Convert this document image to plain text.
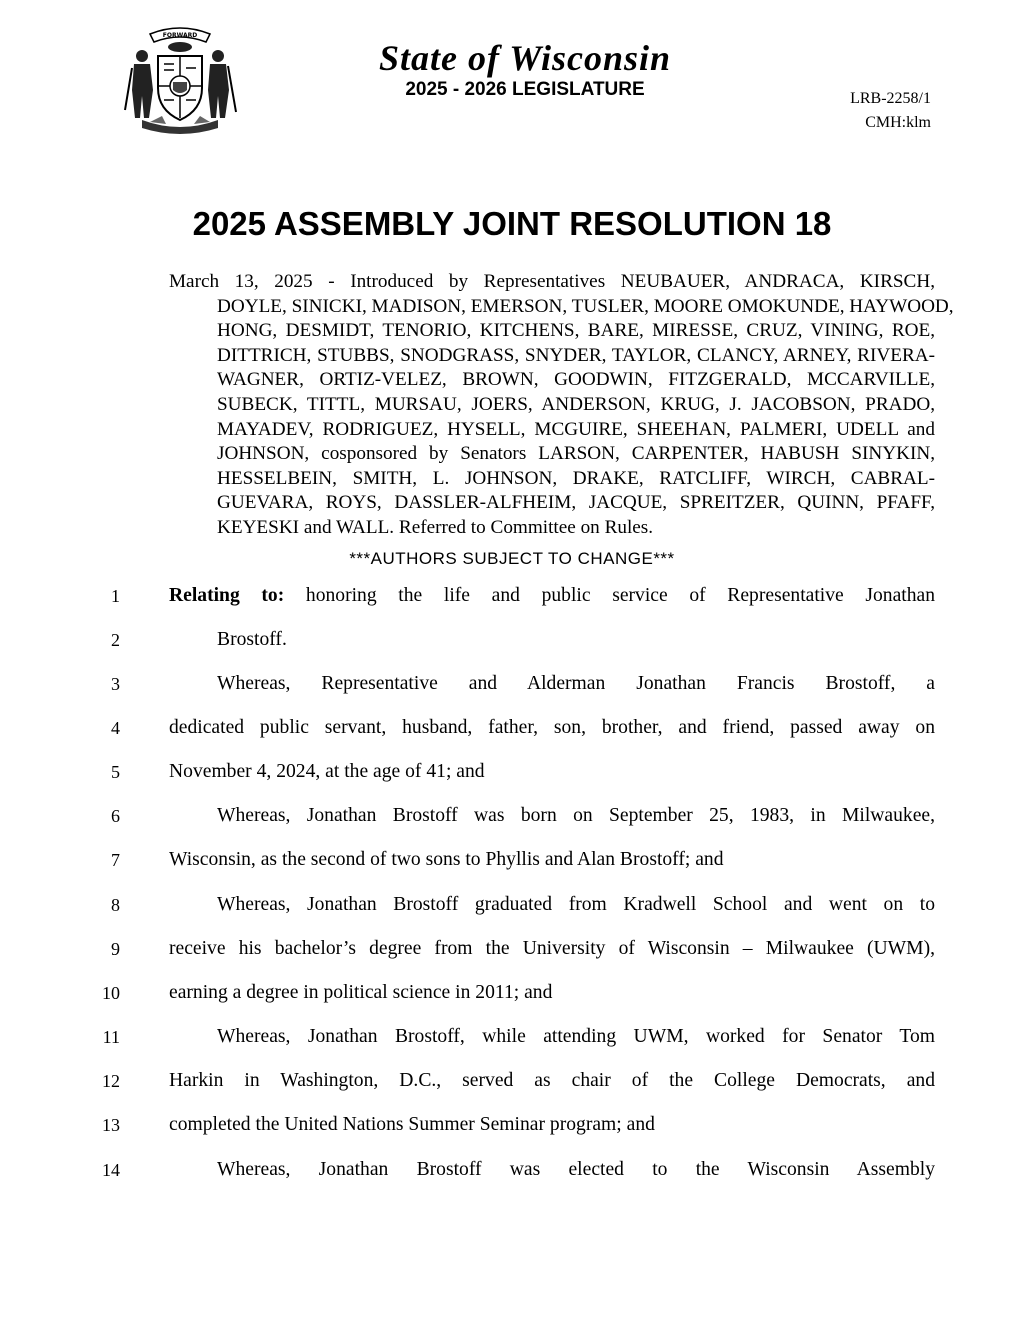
FORWARD
State of Wisconsin
2025 - 2026 LEGISLATURE	LRB-2258/1
CMH:klm
2025 ASSEMBLY JOINT RESOLUTION 18
March 13, 2025 - Introduced by Representatives NEUBAUER, ANDRACA, KIRSCH,
DOYLE, SINICKI, MADISON, EMERSON, TUSLER, MOORE OMOKUNDE, HAYWOOD,
HONG, DESMIDT, TENORIO, KITCHENS, BARE, MIRESSE, CRUZ, VINING, ROE,
DITTRICH, STUBBS, SNODGRASS, SNYDER, TAYLOR, CLANCY, ARNEY, RIVERA-
WAGNER, ORTIZ-VELEZ, BROWN, GOODWIN, FITZGERALD, MCCARVILLE,
SUBECK, TITTL, MURSAU, JOERS, ANDERSON, KRUG, J. JACOBSON, PRADO,
MAYADEV, RODRIGUEZ, HYSELL, MCGUIRE, SHEEHAN, PALMERI, UDELL and
JOHNSON, cosponsored by Senators LARSON, CARPENTER, HABUSH SINYKIN,
HESSELBEIN, SMITH, L. JOHNSON, DRAKE, RATCLIFF, WIRCH, CABRAL-
GUEVARA, ROYS, DASSLER-ALFHEIM, JACQUE, SPREITZER, QUINN, PFAFF,
KEYESKI and WALL. Referred to Committee on Rules.
***AUTHORS SUBJECT TO CHANGE***
1	Relating to: honoring the life and public service of Representative Jonathan
2	Brostoff.
3	Whereas, Representative and Alderman Jonathan Francis Brostoff, a
4	dedicated public servant, husband, father, son, brother, and friend, passed away on
5	November 4, 2024, at the age of 41; and
6	Whereas, Jonathan Brostoff was born on September 25, 1983, in Milwaukee,
7	Wisconsin, as the second of two sons to Phyllis and Alan Brostoff; and
8	Whereas, Jonathan Brostoff graduated from Kradwell School and went on to
9	receive his bachelor’s degree from the University of Wisconsin – Milwaukee (UWM),
10	earning a degree in political science in 2011; and
11	Whereas, Jonathan Brostoff, while attending UWM, worked for Senator Tom
12	Harkin in Washington, D.C., served as chair of the College Democrats, and
13	completed the United Nations Summer Seminar program; and
14	Whereas, Jonathan Brostoff was elected to the Wisconsin Assembly
